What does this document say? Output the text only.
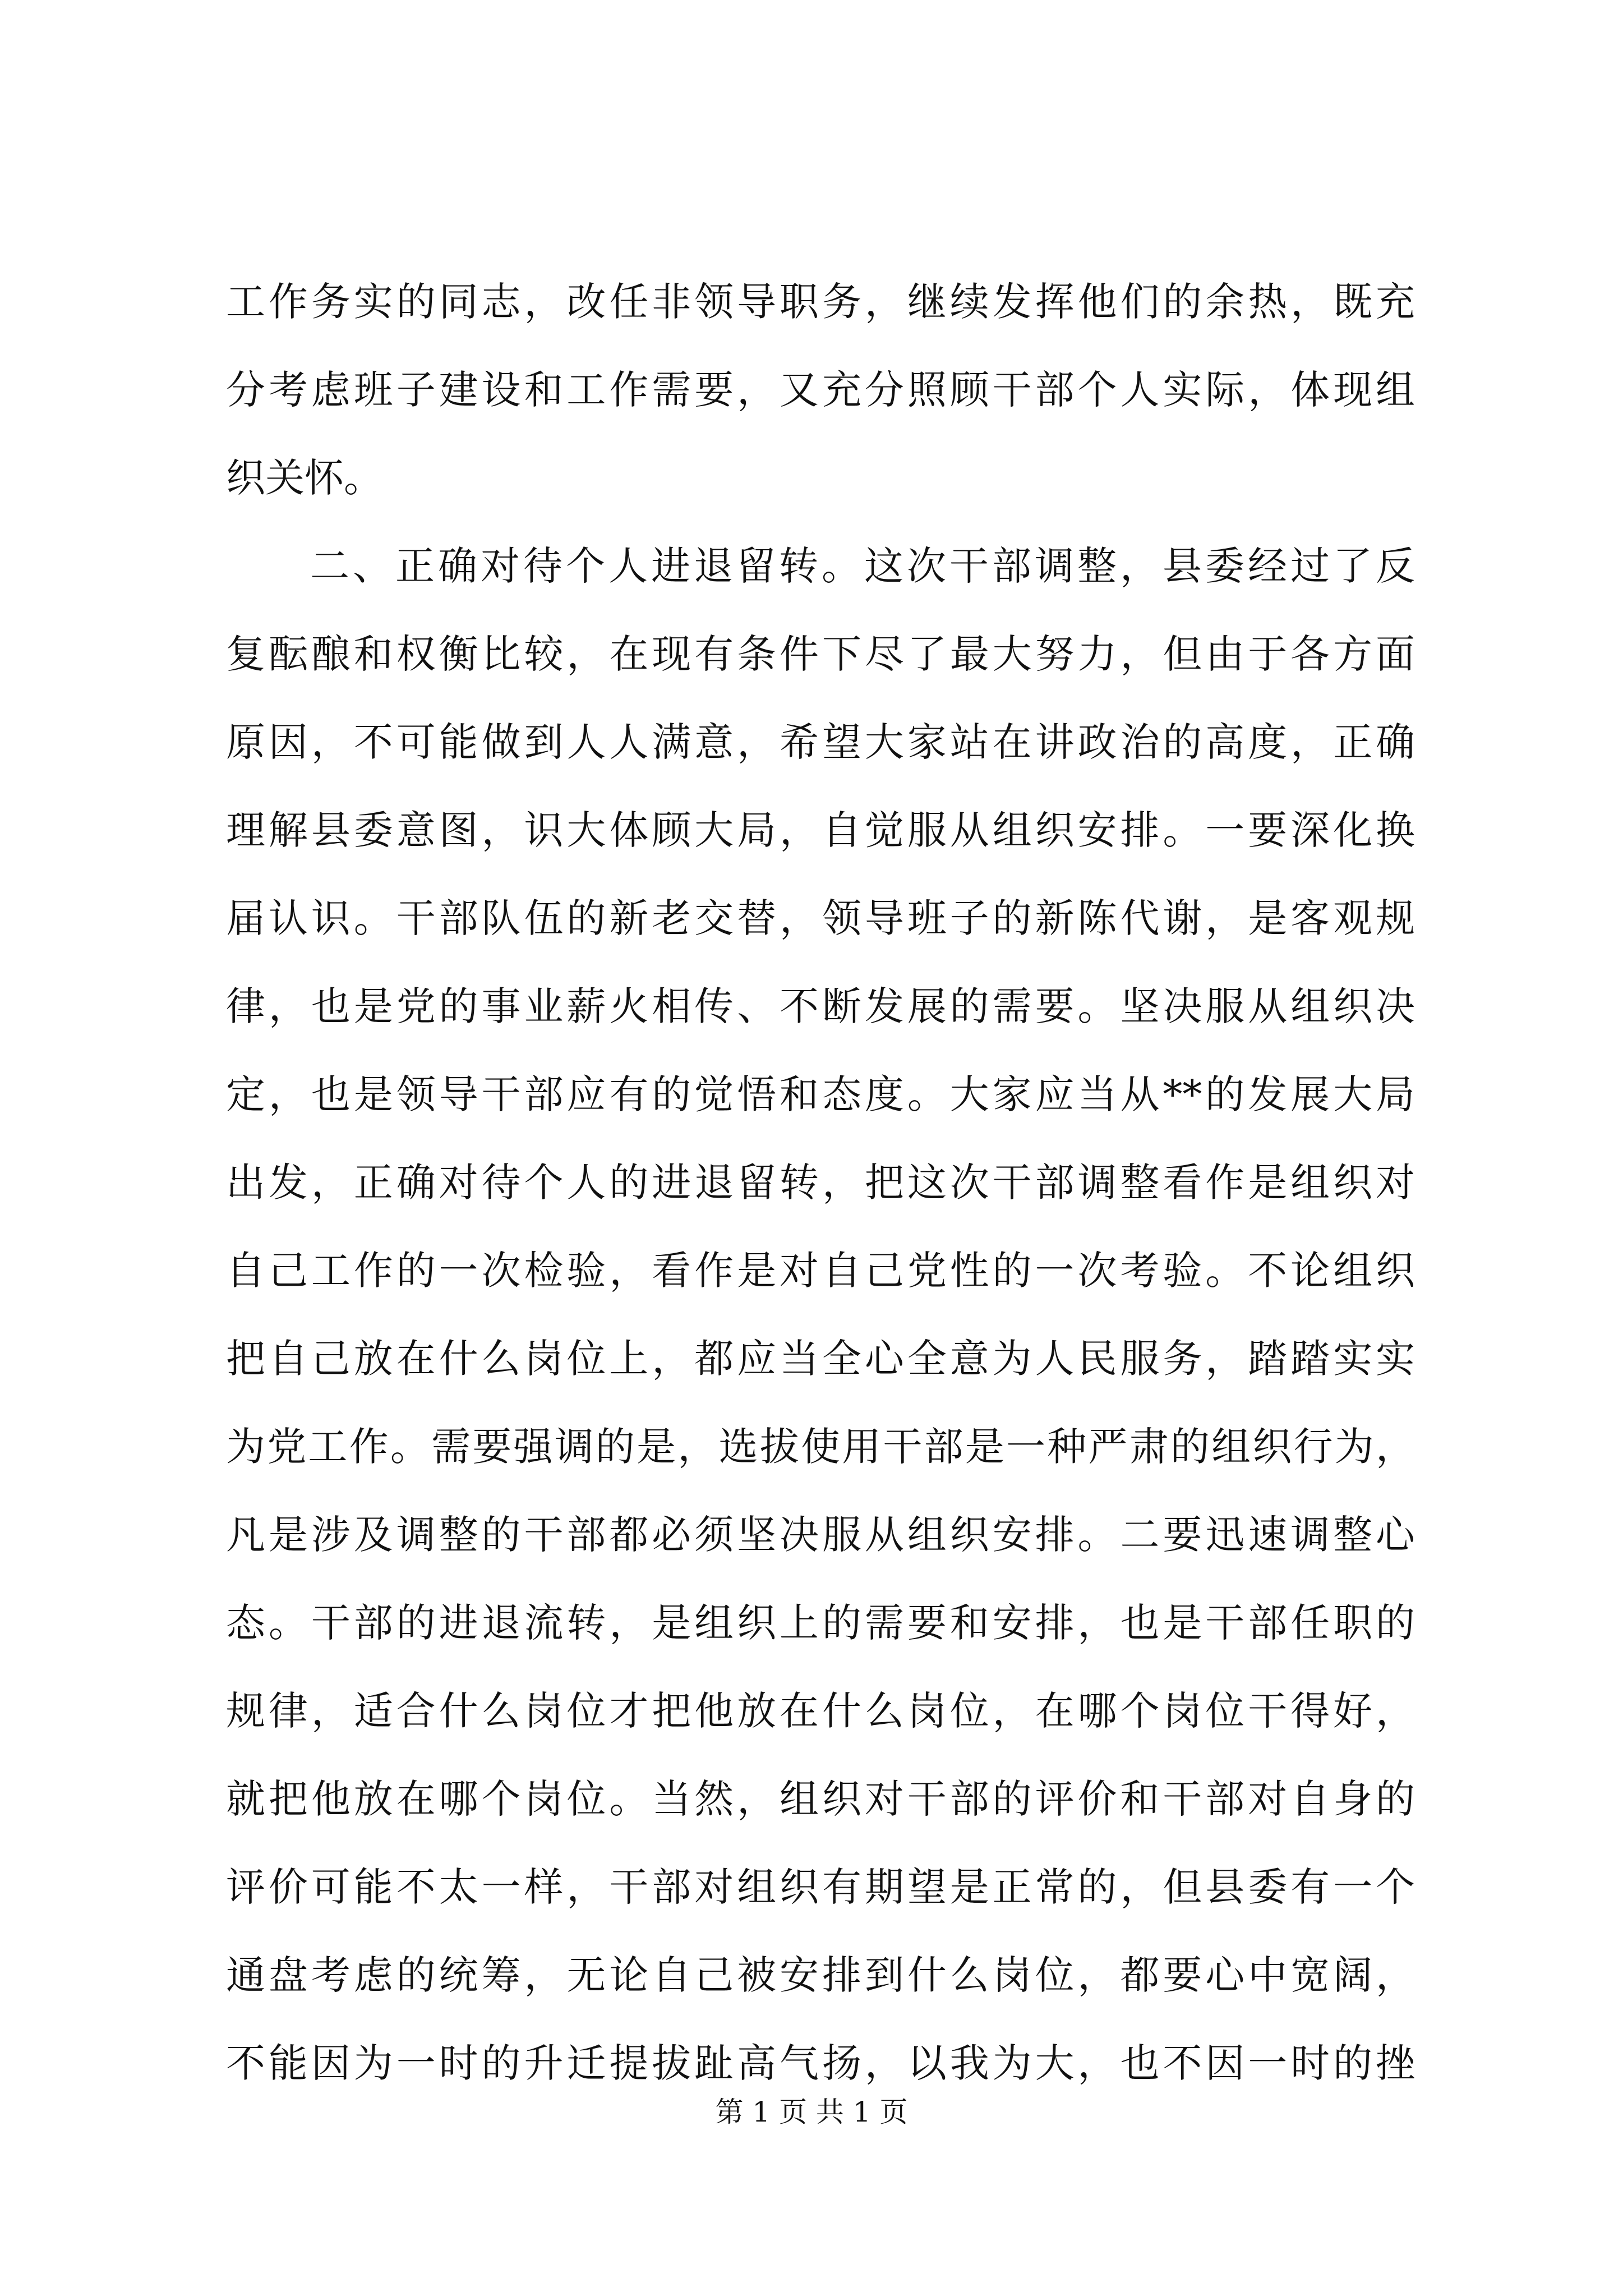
工作务实的同志，改任非领导职务，继续发挥他们的余热，既充
分考虑班子建设和工作需要，又充分照顾干部个人实际，体现组
织关怀。
二、正确对待个人进退留转。这次干部调整，县委经过了反
复酝酿和权衡比较，在现有条件下尽了最大努力，但由于各方面
原因，不可能做到人人满意，希望大家站在讲政治的高度，正确
理解县委意图，识大体顾大局，自觉服从组织安排。一要深化换
届认识。干部队伍的新老交替，领导班子的新陈代谢，是客观规
律，也是党的事业薪火相传、不断发展的需要。坚决服从组织决
定，也是领导干部应有的觉悟和态度。大家应当从**的发展大局
出发，正确对待个人的进退留转，把这次干部调整看作是组织对
自己工作的一次检验，看作是对自己党性的一次考验。不论组织
把自己放在什么岗位上，都应当全心全意为人民服务，踏踏实实
为党工作。需要强调的是，选拔使用干部是一种严肃的组织行为，
凡是涉及调整的干部都必须坚决服从组织安排。二要迅速调整心
态。干部的进退流转，是组织上的需要和安排，也是干部任职的
规律，适合什么岗位才把他放在什么岗位，在哪个岗位干得好，
就把他放在哪个岗位。当然，组织对干部的评价和干部对自身的
评价可能不太一样，干部对组织有期望是正常的，但县委有一个
通盘考虑的统筹，无论自己被安排到什么岗位，都要心中宽阔，
不能因为一时的升迁提拔趾高气扬，以我为大，也不因一时的挫
第 1 页 共 1 页
